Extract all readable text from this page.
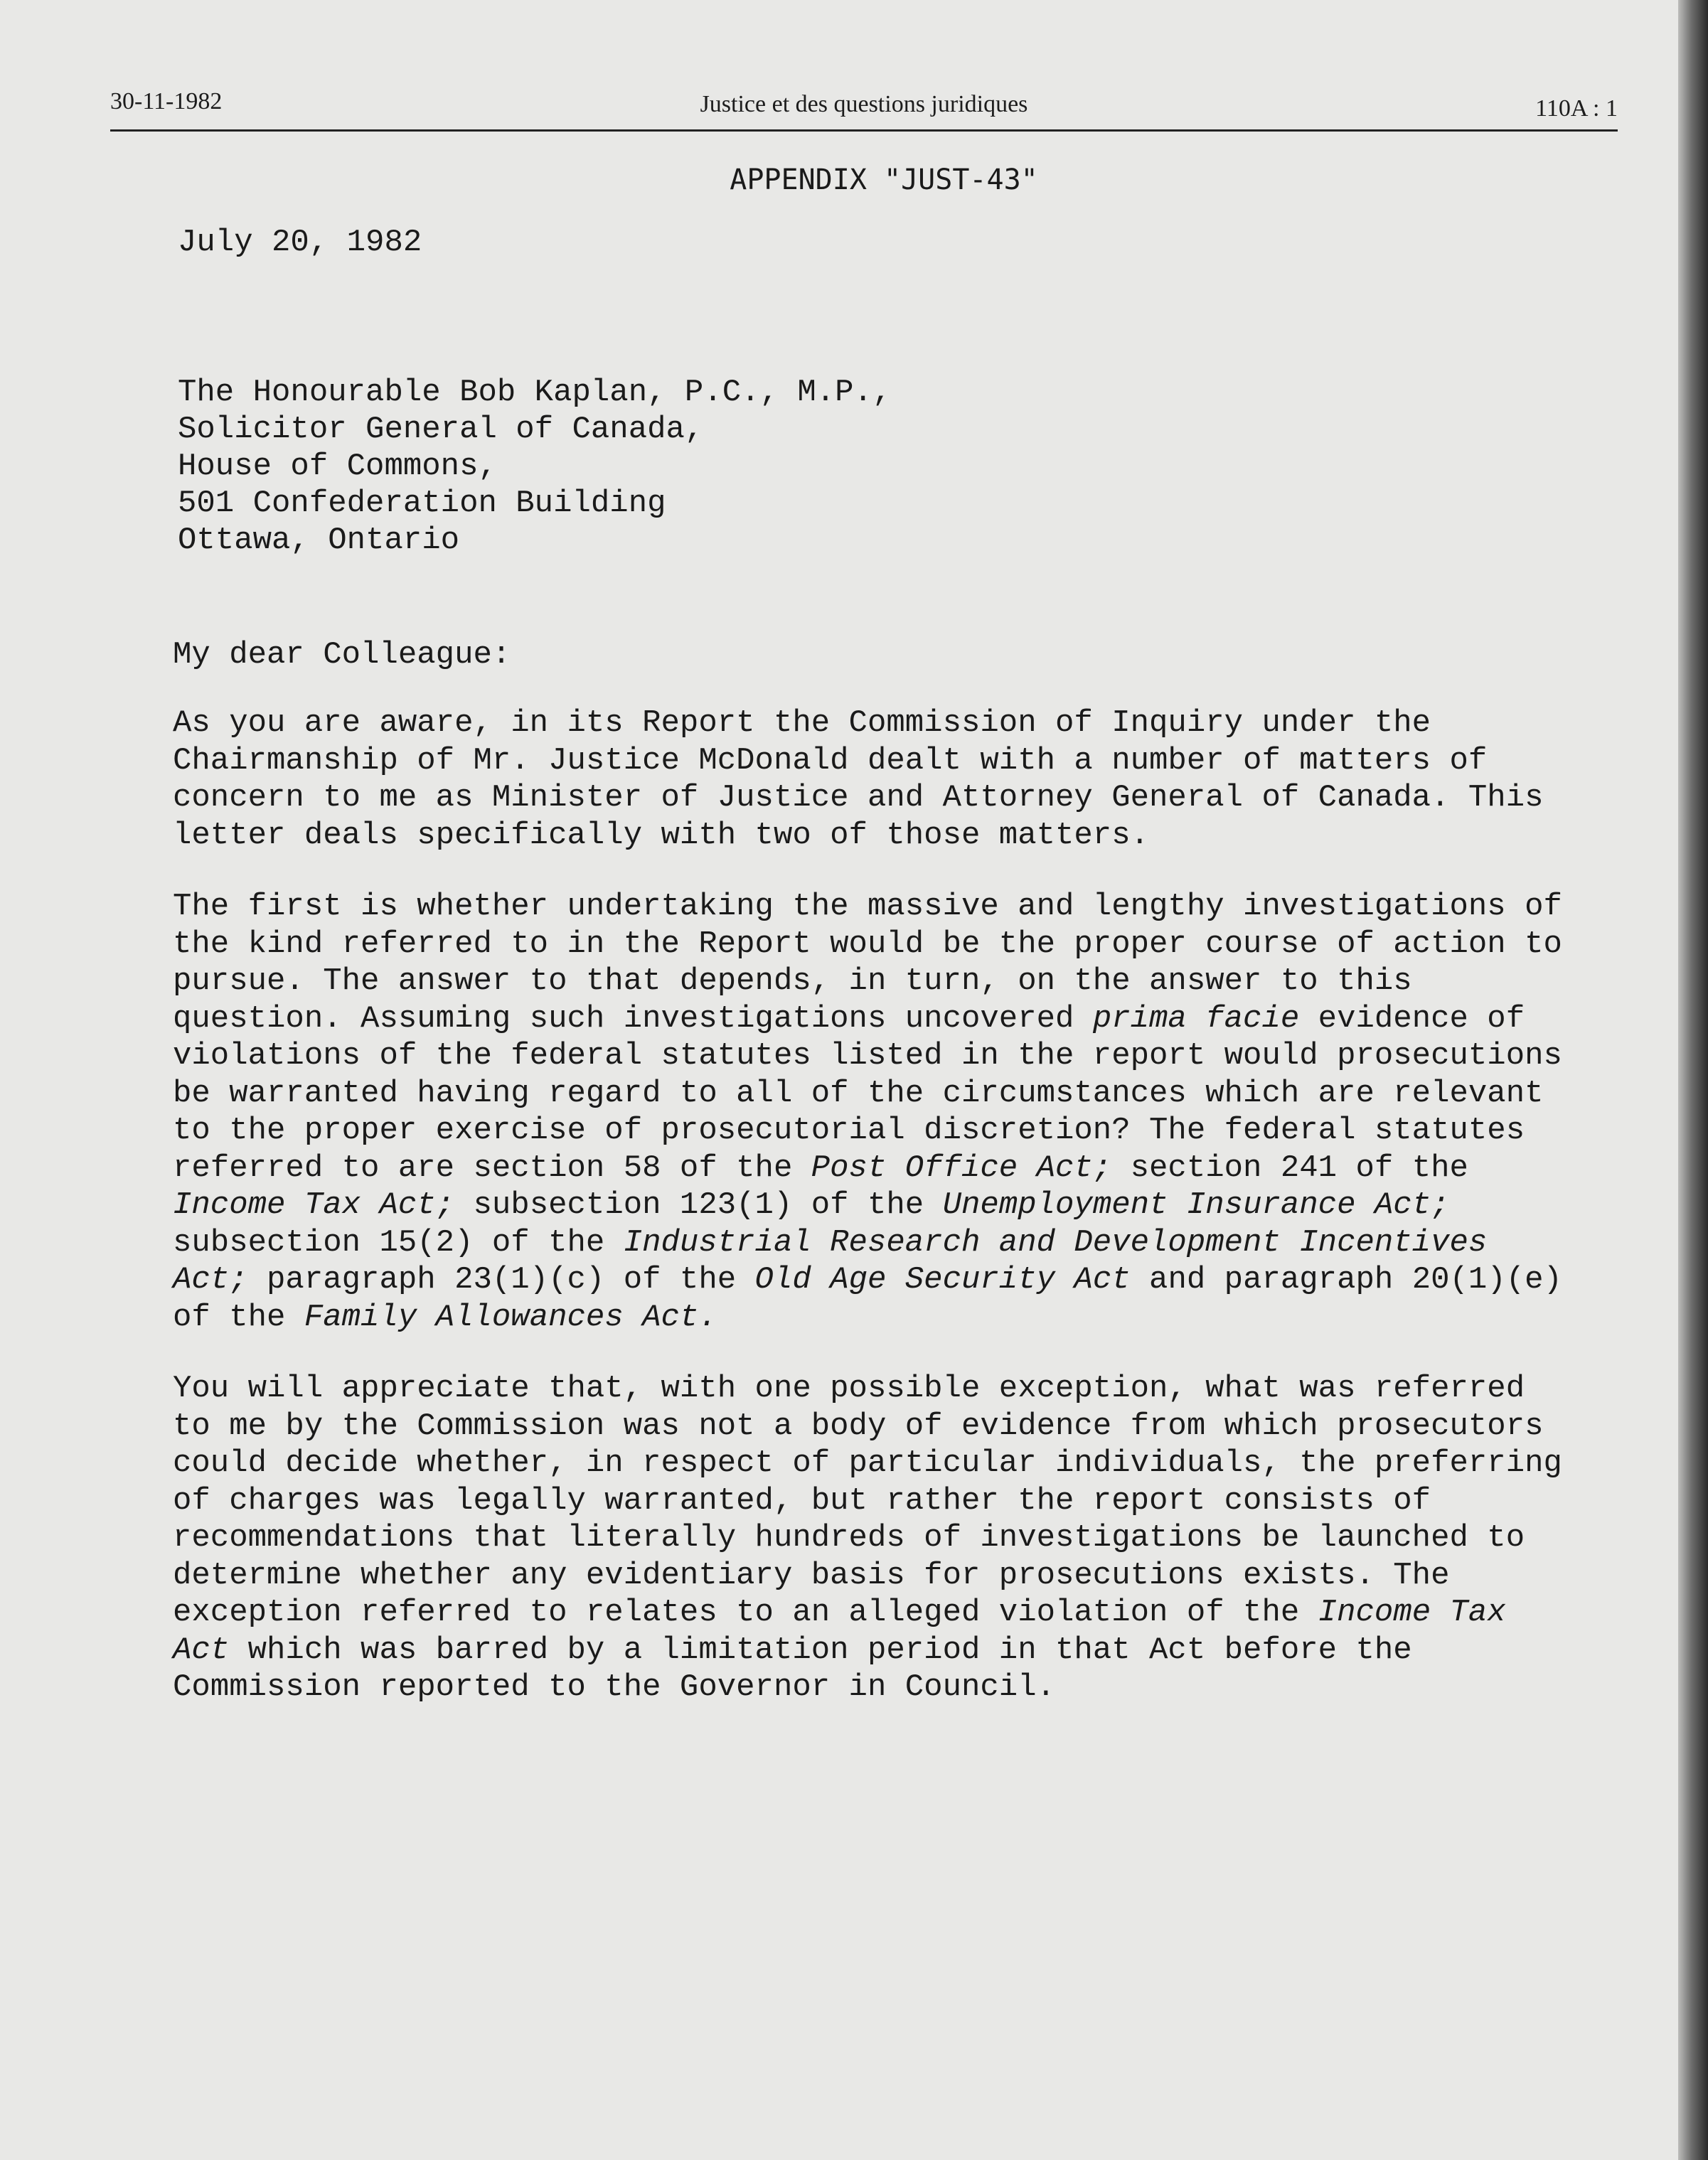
30-11-1982	Justice et des questions juridiques	110A : 1
APPENDIX "JUST-43"
July 20, 1982
The Honourable Bob Kaplan, P.C., M.P.,
Solicitor General of Canada,
House of Commons,
501 Confederation Building
Ottawa, Ontario
My dear Colleague:

As you are aware, in its Report the Commission of Inquiry under the Chairmanship of Mr. Justice McDonald dealt with a number of matters of concern to me as Minister of Justice and Attorney General of Canada. This letter deals specifically with two of those matters.

The first is whether undertaking the massive and lengthy investigations of the kind referred to in the Report would be the proper course of action to pursue. The answer to that depends, in turn, on the answer to this question. Assuming such investigations uncovered prima facie evidence of violations of the federal statutes listed in the report would prosecutions be warranted having regard to all of the circumstances which are relevant to the proper exercise of prosecutorial discretion? The federal statutes referred to are section 58 of the Post Office Act; section 241 of the Income Tax Act; subsection 123(1) of the Unemployment Insurance Act; subsection 15(2) of the Industrial Research and Development Incentives Act; paragraph 23(1)(c) of the Old Age Security Act and paragraph 20(1)(e) of the Family Allowances Act.

You will appreciate that, with one possible exception, what was referred to me by the Commission was not a body of evidence from which prosecutors could decide whether, in respect of particular individuals, the preferring of charges was legally warranted, but rather the report consists of recommendations that literally hundreds of investigations be launched to determine whether any evidentiary basis for prosecutions exists. The exception referred to relates to an alleged violation of the Income Tax Act which was barred by a limitation period in that Act before the Commission reported to the Governor in Council.
